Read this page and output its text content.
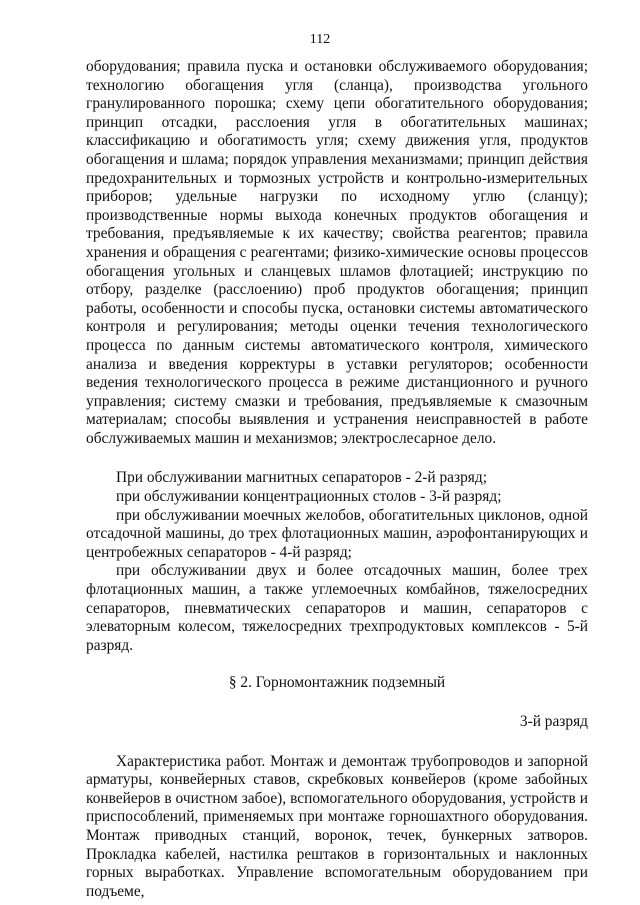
112

оборудования; правила пуска и остановки обслуживаемого оборудования; технологию обогащения угля (сланца), производства угольного гранулированного порошка; схему цепи обогатительного оборудования; принцип отсадки, расслоения угля в обогатительных машинах; классификацию и обогатимость угля; схему движения угля, продуктов обогащения и шлама; порядок управления механизмами; принцип действия предохранительных и тормозных устройств и контрольно-измерительных приборов; удельные нагрузки по исходному углю (сланцу); производственные нормы выхода конечных продуктов обогащения и требования, предъявляемые к их качеству; свойства реагентов; правила хранения и обращения с реагентами; физико-химические основы процессов обогащения угольных и сланцевых шламов флотацией; инструкцию по отбору, разделке (расслоению) проб продуктов обогащения; принцип работы, особенности и способы пуска, остановки системы автоматического контроля и регулирования; методы оценки течения технологического процесса по данным системы автоматического контроля, химического анализа и введения корректуры в уставки регуляторов; особенности ведения технологического процесса в режиме дистанционного и ручного управления; систему смазки и требования, предъявляемые к смазочным материалам; способы выявления и устранения неисправностей в работе обслуживаемых машин и механизмов; электрослесарное дело.

При обслуживании магнитных сепараторов - 2-й разряд;

при обслуживании концентрационных столов - 3-й разряд;

при обслуживании моечных желобов, обогатительных циклонов, одной отсадочной машины, до трех флотационных машин, аэрофонтанирующих и центробежных сепараторов - 4-й разряд;

при обслуживании двух и более отсадочных машин, более трех флотационных машин, а также углемоечных комбайнов, тяжелосредних сепараторов, пневматических сепараторов и машин, сепараторов с элеваторным колесом, тяжелосредних трехпродуктовых комплексов - 5-й разряд.

§ 2. Горномонтажник подземный

3-й разряд

Характеристика работ. Монтаж и демонтаж трубопроводов и запорной арматуры, конвейерных ставов, скребковых конвейеров (кроме забойных конвейеров в очистном забое), вспомогательного оборудования, устройств и приспособлений, применяемых при монтаже горношахтного оборудования. Монтаж приводных станций, воронок, течек, бункерных затворов. Прокладка кабелей, настилка рештаков в горизонтальных и наклонных горных выработках. Управление вспомогательным оборудованием при подъеме,
